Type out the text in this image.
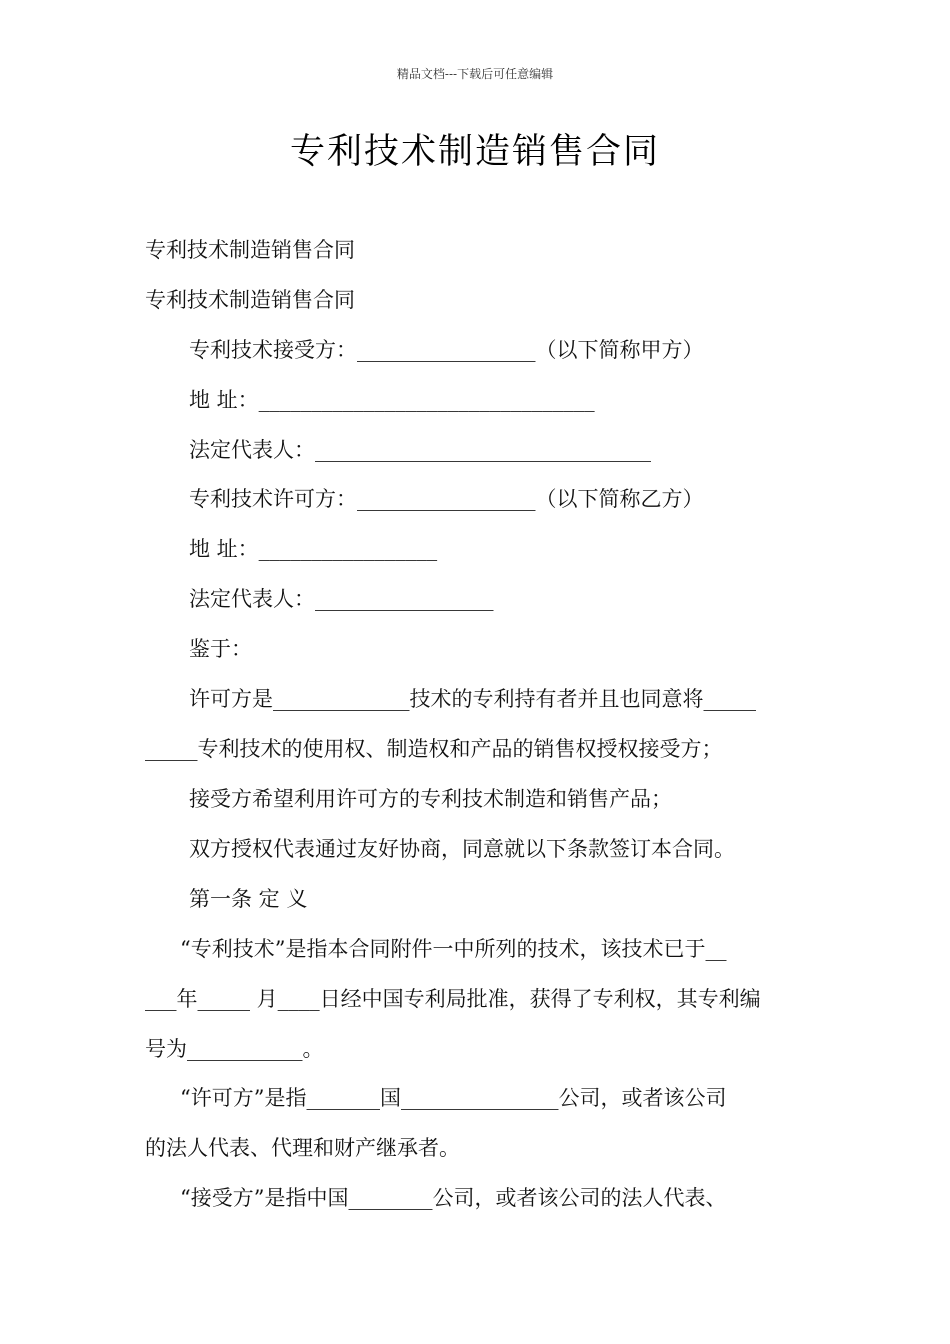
精品文档---下载后可任意编辑
专利技术制造销售合同
专利技术制造销售合同
专利技术制造销售合同
专利技术接受方：_________________（以下简称甲方）
地 址：________________________________
法定代表人：________________________________
专利技术许可方：_________________（以下简称乙方）
地 址：_________________
法定代表人：_________________
鉴于：
许可方是_____________技术的专利持有者并且也同意将_____
_____专利技术的使用权、制造权和产品的销售权授权接受方；
接受方希望利用许可方的专利技术制造和销售产品；
双方授权代表通过友好协商，同意就以下条款签订本合同。
第一条 定 义
“专利技术”是指本合同附件一中所列的技术，该技术已于__
___年_____ 月____日经中国专利局批准，获得了专利权，其专利编
号为___________。
“许可方”是指_______国_______________公司，或者该公司
的法人代表、代理和财产继承者。
“接受方”是指中国________公司，或者该公司的法人代表、
